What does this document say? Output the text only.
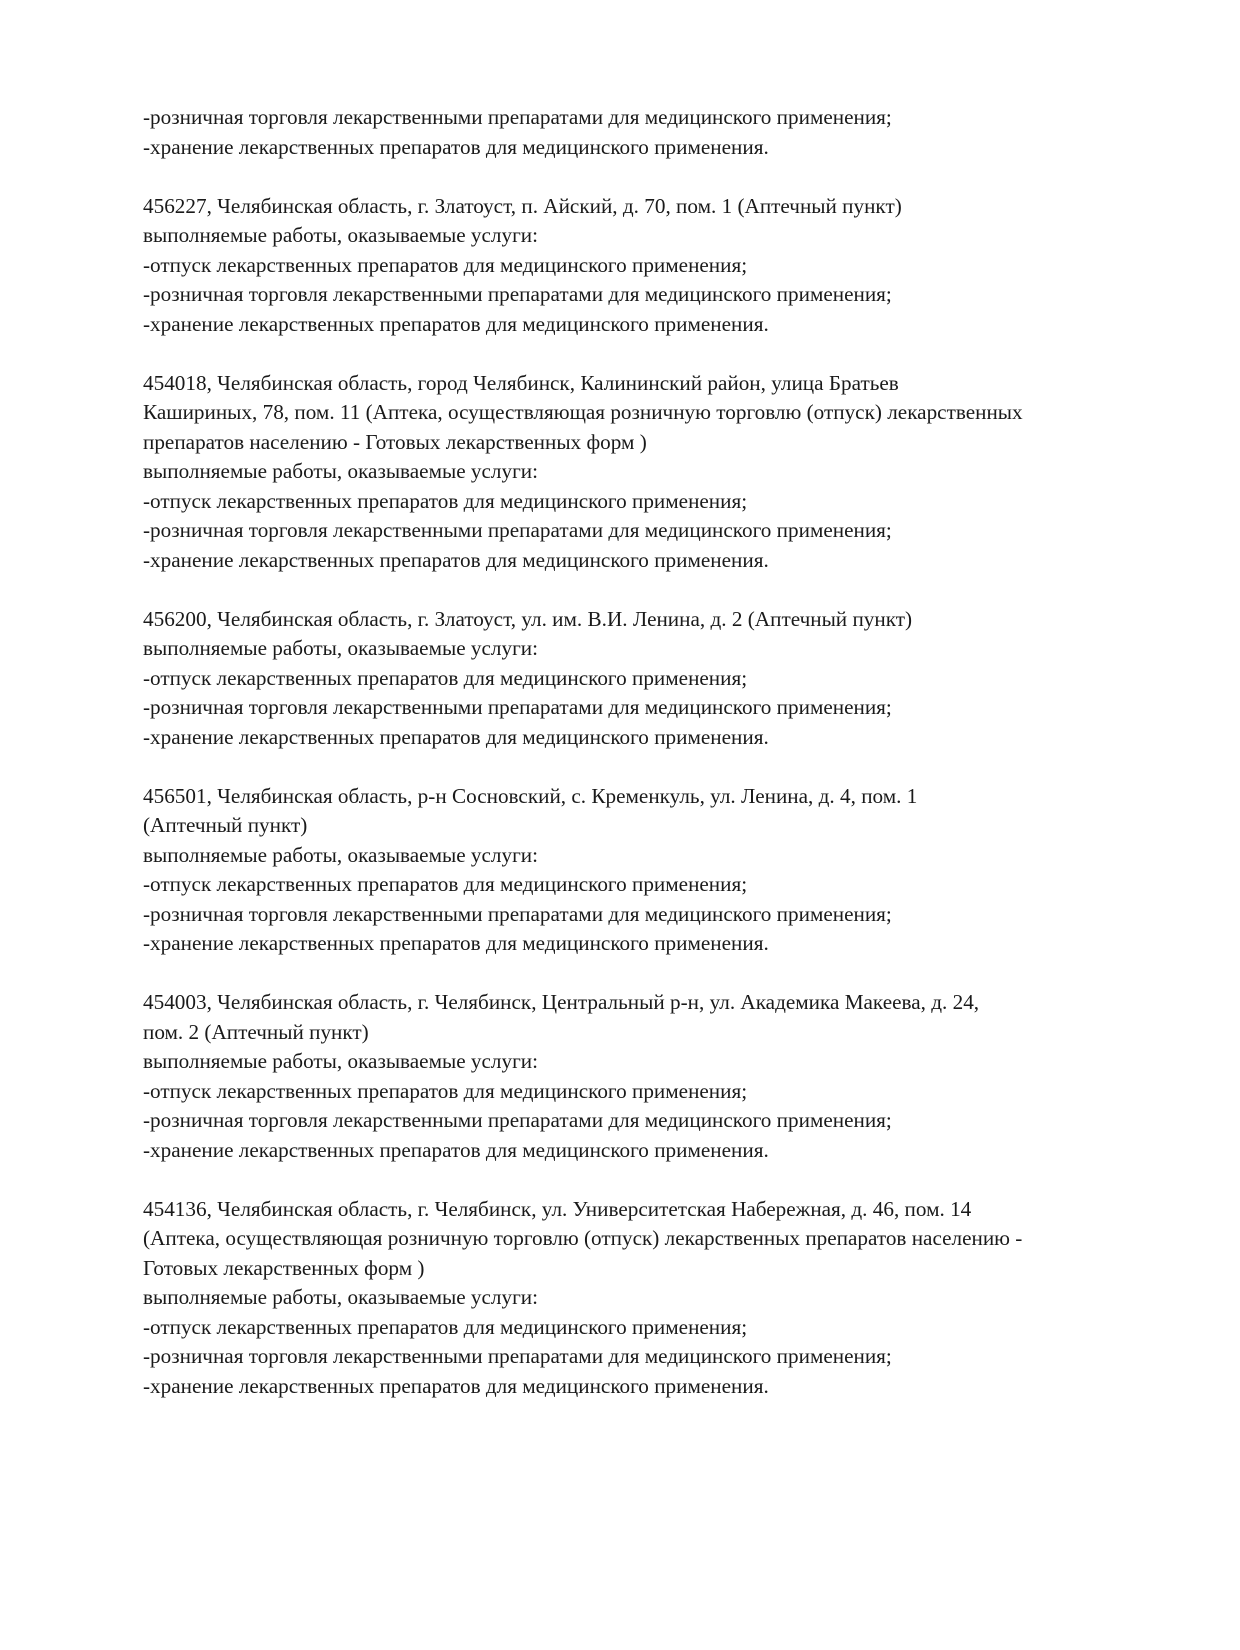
-розничная торговля лекарственными препаратами для медицинского применения;
-хранение лекарственных препаратов для медицинского применения.
456227, Челябинская область, г. Златоуст, п. Айский, д. 70, пом. 1 (Аптечный пункт)
выполняемые работы, оказываемые услуги:
-отпуск лекарственных препаратов для медицинского применения;
-розничная торговля лекарственными препаратами для медицинского применения;
-хранение лекарственных препаратов для медицинского применения.
454018, Челябинская область, город Челябинск, Калининский район, улица Братьев
Кашириных, 78, пом. 11 (Аптека, осуществляющая розничную торговлю (отпуск) лекарственных
препаратов населению - Готовых лекарственных форм )
выполняемые работы, оказываемые услуги:
-отпуск лекарственных препаратов для медицинского применения;
-розничная торговля лекарственными препаратами для медицинского применения;
-хранение лекарственных препаратов для медицинского применения.
456200, Челябинская область, г. Златоуст, ул. им. В.И. Ленина, д. 2 (Аптечный пункт)
выполняемые работы, оказываемые услуги:
-отпуск лекарственных препаратов для медицинского применения;
-розничная торговля лекарственными препаратами для медицинского применения;
-хранение лекарственных препаратов для медицинского применения.
456501, Челябинская область, р-н Сосновский, с. Кременкуль, ул. Ленина, д. 4, пом. 1
(Аптечный пункт)
выполняемые работы, оказываемые услуги:
-отпуск лекарственных препаратов для медицинского применения;
-розничная торговля лекарственными препаратами для медицинского применения;
-хранение лекарственных препаратов для медицинского применения.
454003, Челябинская область, г. Челябинск, Центральный р-н, ул. Академика Макеева, д. 24,
пом. 2 (Аптечный пункт)
выполняемые работы, оказываемые услуги:
-отпуск лекарственных препаратов для медицинского применения;
-розничная торговля лекарственными препаратами для медицинского применения;
-хранение лекарственных препаратов для медицинского применения.
454136, Челябинская область, г. Челябинск, ул. Университетская Набережная, д. 46, пом. 14
(Аптека, осуществляющая розничную торговлю (отпуск) лекарственных препаратов населению -
Готовых лекарственных форм )
выполняемые работы, оказываемые услуги:
-отпуск лекарственных препаратов для медицинского применения;
-розничная торговля лекарственными препаратами для медицинского применения;
-хранение лекарственных препаратов для медицинского применения.
